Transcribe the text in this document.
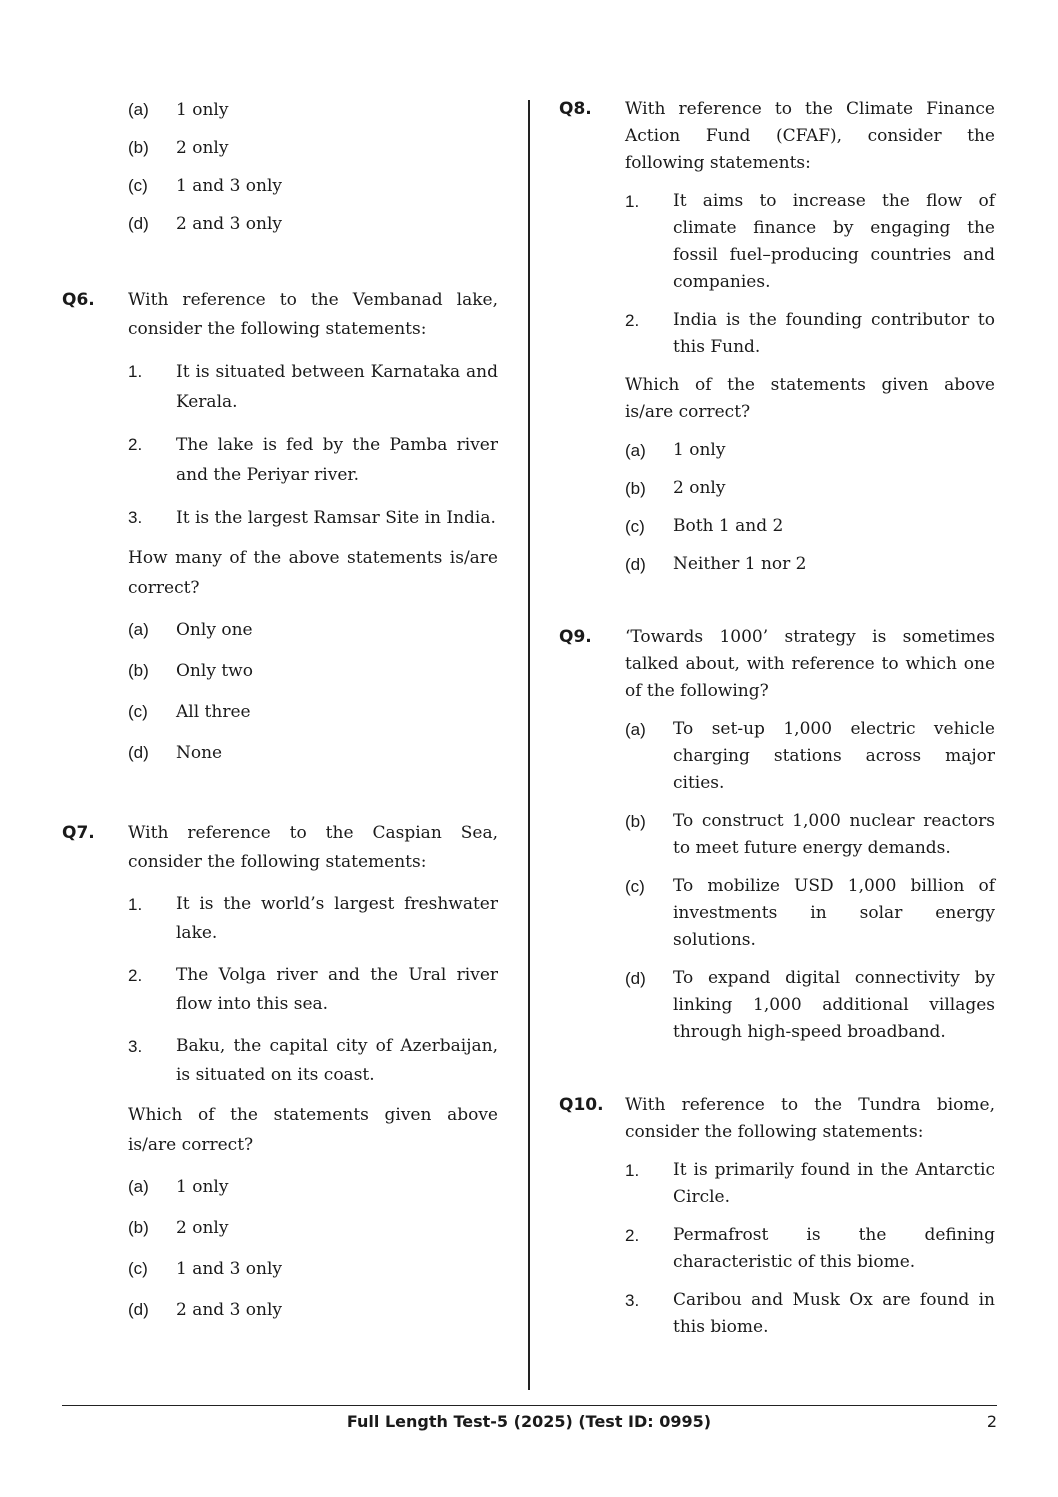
(a)	1 only
(b)	2 only
(c)	1 and 3 only
(d)	2 and 3 only
Q6.	With reference to the Vembanad lake, consider the following statements:
1.	It is situated between Karnataka and Kerala.
2.	The lake is fed by the Pamba river and the Periyar river.
3.	It is the largest Ramsar Site in India.
How many of the above statements is/are correct?
(a)	Only one
(b)	Only two
(c)	All three
(d)	None
Q7.	With reference to the Caspian Sea, consider the following statements:
1.	It is the world’s largest freshwater lake.
2.	The Volga river and the Ural river flow into this sea.
3.	Baku, the capital city of Azerbaijan, is situated on its coast.
Which of the statements given above is/are correct?
(a)	1 only
(b)	2 only
(c)	1 and 3 only
(d)	2 and 3 only
Q8.	With reference to the Climate Finance Action Fund (CFAF), consider the following statements:
1.	It aims to increase the flow of climate finance by engaging the fossil fuel–producing countries and companies.
2.	India is the founding contributor to this Fund.
Which of the statements given above is/are correct?
(a)	1 only
(b)	2 only
(c)	Both 1 and 2
(d)	Neither 1 nor 2
Q9.	‘Towards 1000’ strategy is sometimes talked about, with reference to which one of the following?
(a)	To set-up 1,000 electric vehicle charging stations across major cities.
(b)	To construct 1,000 nuclear reactors to meet future energy demands.
(c)	To mobilize USD 1,000 billion of investments in solar energy solutions.
(d)	To expand digital connectivity by linking 1,000 additional villages through high-speed broadband.
Q10.	With reference to the Tundra biome, consider the following statements:
1.	It is primarily found in the Antarctic Circle.
2.	Permafrost is the defining characteristic of this biome.
3.	Caribou and Musk Ox are found in this biome.
Full Length Test-5 (2025) (Test ID: 0995)	2
